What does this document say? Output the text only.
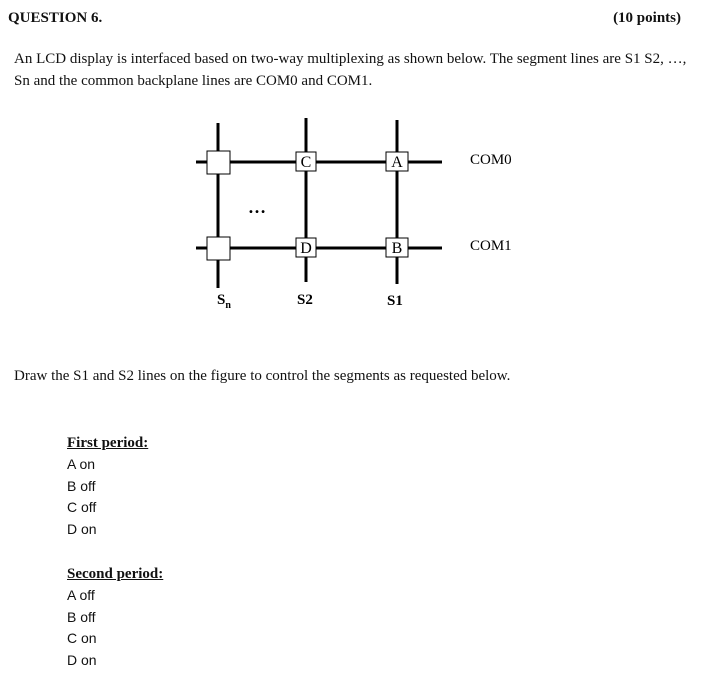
QUESTION 6.	(10 points)
An LCD display is interfaced based on two-way multiplexing as shown below. The segment lines are S1 S2, …, Sn and the common backplane lines are COM0 and COM1.
C	A
D	B
…
COM0
COM1
$S_n$	S2	S1
Draw the S1 and S2 lines on the figure to control the segments as requested below.
First period:
A on
B off
C off
D on
Second period:
A off
B off
C on
D on
